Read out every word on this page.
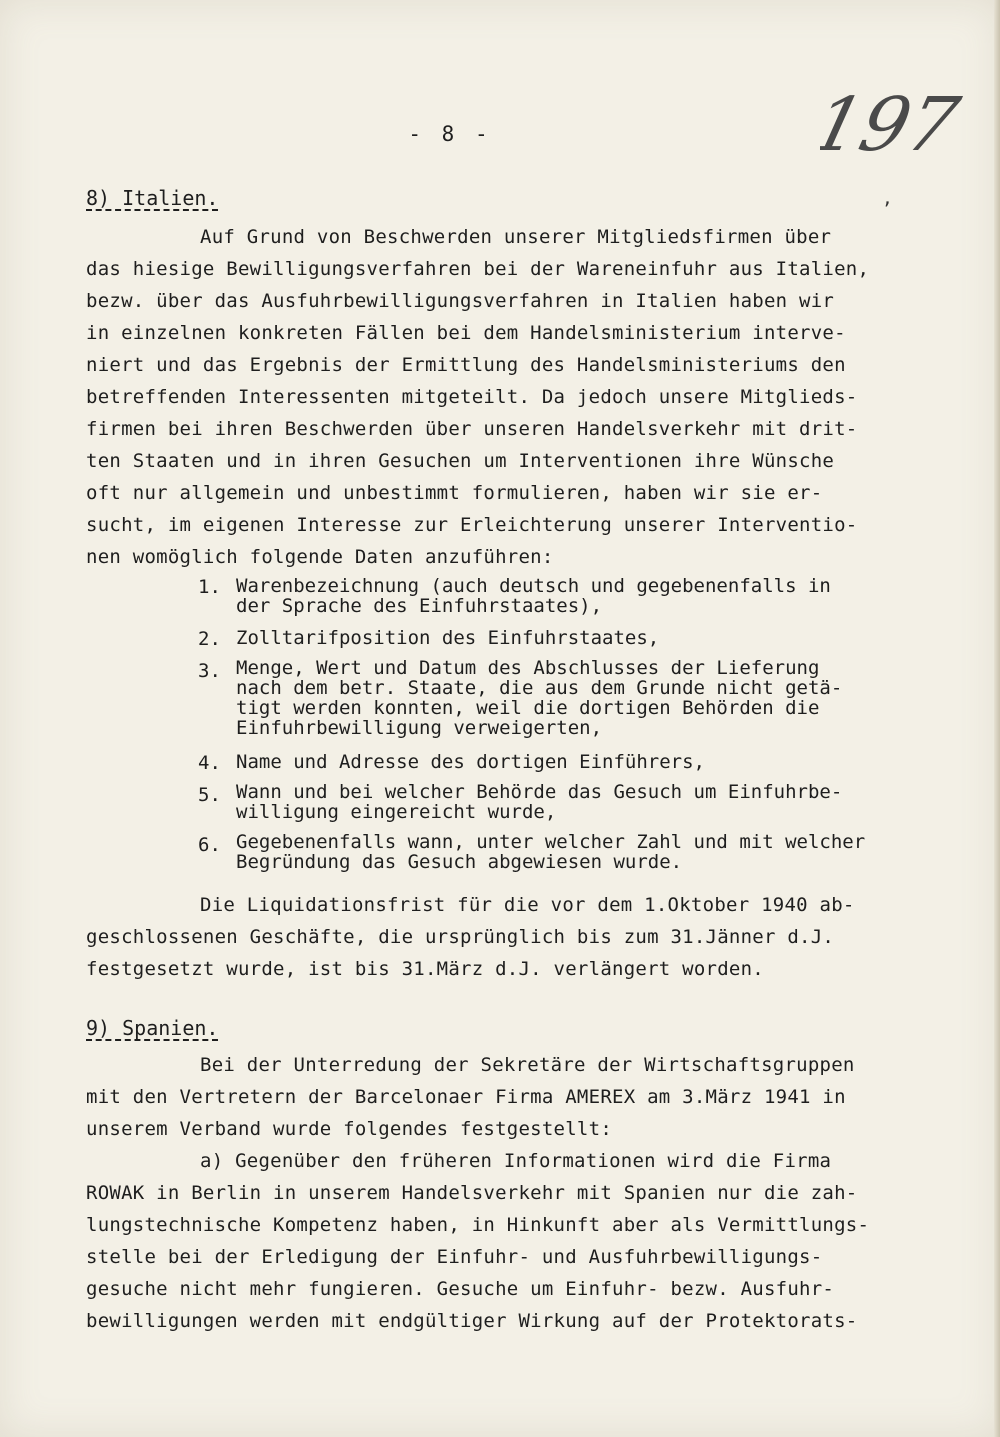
- 8 -	197
,
8) Italien.
Auf Grund von Beschwerden unserer Mitgliedsfirmen über
das hiesige Bewilligungsverfahren bei der Wareneinfuhr aus Italien,
bezw. über das Ausfuhrbewilligungsverfahren in Italien haben wir
in einzelnen konkreten Fällen bei dem Handelsministerium interve-
niert und das Ergebnis der Ermittlung des Handelsministeriums den
betreffenden Interessenten mitgeteilt. Da jedoch unsere Mitglieds-
firmen bei ihren Beschwerden über unseren Handelsverkehr mit drit-
ten Staaten und in ihren Gesuchen um Interventionen ihre Wünsche
oft nur allgemein und unbestimmt formulieren, haben wir sie er-
sucht, im eigenen Interesse zur Erleichterung unserer Interventio-
nen womöglich folgende Daten anzuführen:
1. Warenbezeichnung (auch deutsch und gegebenenfalls in
der Sprache des Einfuhrstaates),
2. Zolltarifposition des Einfuhrstaates,
3. Menge, Wert und Datum des Abschlusses der Lieferung
nach dem betr. Staate, die aus dem Grunde nicht getä-
tigt werden konnten, weil die dortigen Behörden die
Einfuhrbewilligung verweigerten,
4. Name und Adresse des dortigen Einführers,
5. Wann und bei welcher Behörde das Gesuch um Einfuhrbe-
willigung eingereicht wurde,
6. Gegebenenfalls wann, unter welcher Zahl und mit welcher
Begründung das Gesuch abgewiesen wurde.
Die Liquidationsfrist für die vor dem 1.Oktober 1940 ab-
geschlossenen Geschäfte, die ursprünglich bis zum 31.Jänner d.J.
festgesetzt wurde, ist bis 31.März d.J. verlängert worden.
9) Spanien.
Bei der Unterredung der Sekretäre der Wirtschaftsgruppen
mit den Vertretern der Barcelonaer Firma AMEREX am 3.März 1941 in
unserem Verband wurde folgendes festgestellt:
a) Gegenüber den früheren Informationen wird die Firma
ROWAK in Berlin in unserem Handelsverkehr mit Spanien nur die zah-
lungstechnische Kompetenz haben, in Hinkunft aber als Vermittlungs-
stelle bei der Erledigung der Einfuhr- und Ausfuhrbewilligungs-
gesuche nicht mehr fungieren. Gesuche um Einfuhr- bezw. Ausfuhr-
bewilligungen werden mit endgültiger Wirkung auf der Protektorats-
